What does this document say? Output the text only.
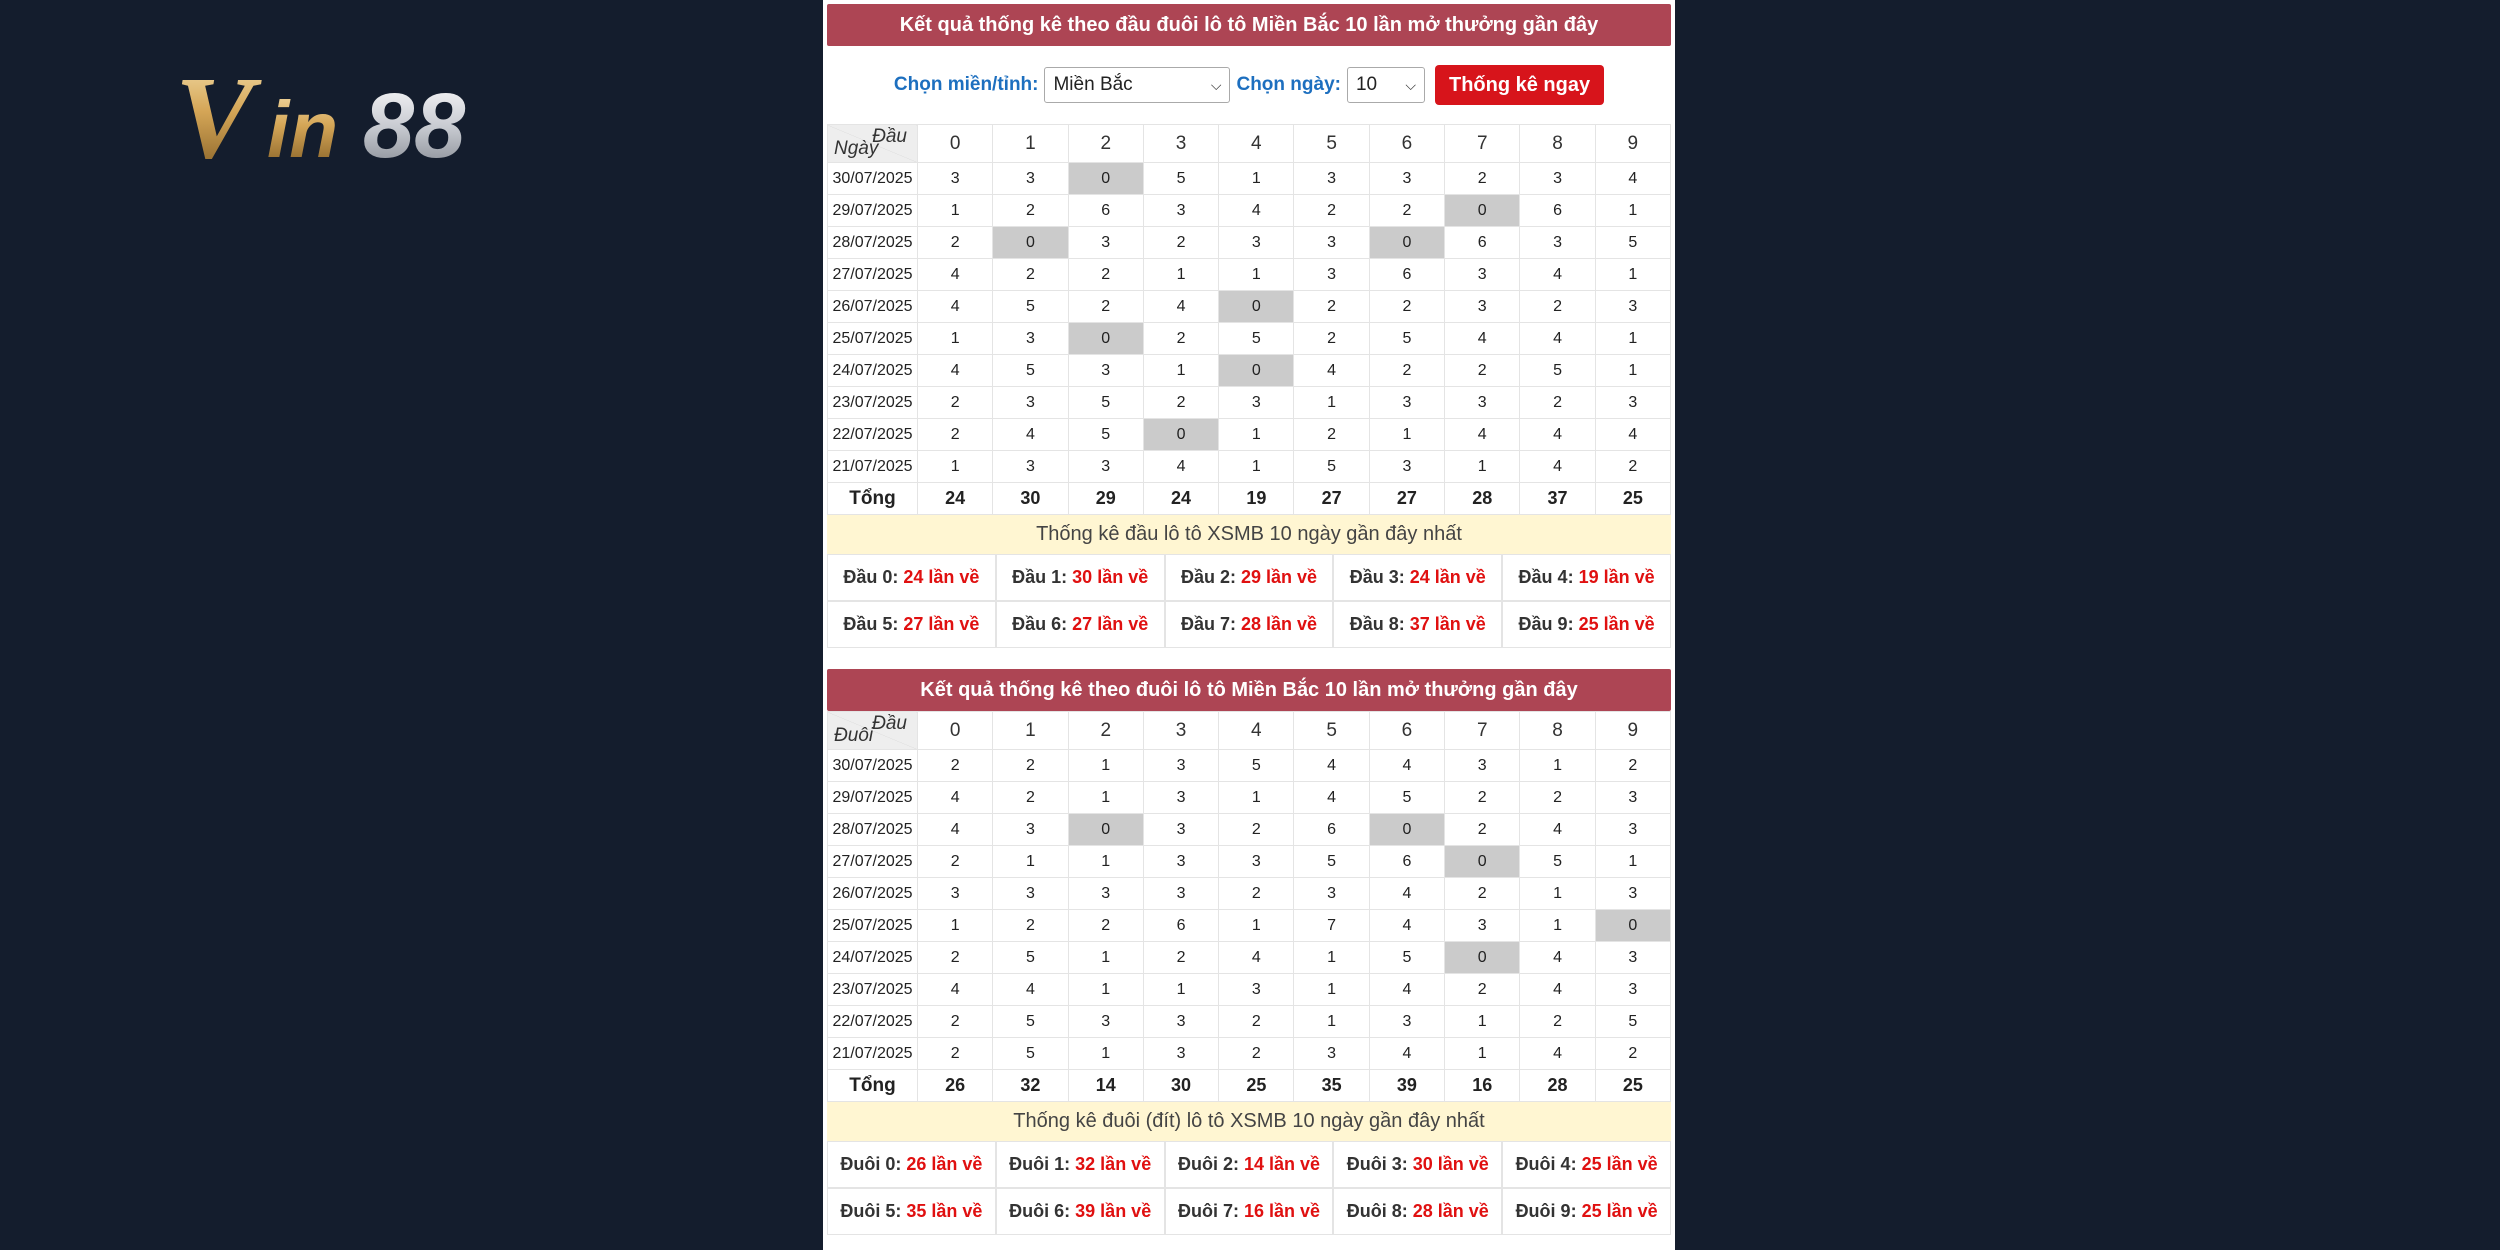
V in 88
Kết quả thống kê theo đầu đuôi lô tô Miền Bắc 10 lần mở thưởng gần đây
Chọn miền/tỉnh: Miền Bắc	⌵ Chọn ngày: 10 ⌵	Thống kê ngay
Đầu
Ngày	0	1	2	3	4	5	6	7	8	9
30/07/2025	3	3	0	5	1	3	3	2	3	4
29/07/2025	1	2	6	3	4	2	2	0	6	1
28/07/2025	2	0	3	2	3	3	0	6	3	5
27/07/2025	4	2	2	1	1	3	6	3	4	1
26/07/2025	4	5	2	4	0	2	2	3	2	3
25/07/2025	1	3	0	2	5	2	5	4	4	1
24/07/2025	4	5	3	1	0	4	2	2	5	1
23/07/2025	2	3	5	2	3	1	3	3	2	3
22/07/2025	2	4	5	0	1	2	1	4	4	4
21/07/2025	1	3	3	4	1	5	3	1	4	2
Tổng	24	30	29	24	19	27	27	28	37	25
Thống kê đầu lô tô XSMB 10 ngày gần đây nhất
Đầu 0: 24 lần về Đầu 1: 30 lần về Đầu 2: 29 lần về Đầu 3: 24 lần về Đầu 4: 19 lần về
Đầu 5: 27 lần về Đầu 6: 27 lần về Đầu 7: 28 lần về Đầu 8: 37 lần về Đầu 9: 25 lần về
Kết quả thống kê theo đuôi lô tô Miền Bắc 10 lần mở thưởng gần đây
Đầu
Đuôi	0	1	2	3	4	5	6	7	8	9
30/07/2025	2	2	1	3	5	4	4	3	1	2
29/07/2025	4	2	1	3	1	4	5	2	2	3
28/07/2025	4	3	0	3	2	6	0	2	4	3
27/07/2025	2	1	1	3	3	5	6	0	5	1
26/07/2025	3	3	3	3	2	3	4	2	1	3
25/07/2025	1	2	2	6	1	7	4	3	1	0
24/07/2025	2	5	1	2	4	1	5	0	4	3
23/07/2025	4	4	1	1	3	1	4	2	4	3
22/07/2025	2	5	3	3	2	1	3	1	2	5
21/07/2025	2	5	1	3	2	3	4	1	4	2
Tổng	26	32	14	30	25	35	39	16	28	25
Thống kê đuôi (đít) lô tô XSMB 10 ngày gần đây nhất
Đuôi 0: 26 lần về Đuôi 1: 32 lần về Đuôi 2: 14 lần về Đuôi 3: 30 lần về Đuôi 4: 25 lần về
Đuôi 5: 35 lần về Đuôi 6: 39 lần về Đuôi 7: 16 lần về Đuôi 8: 28 lần về Đuôi 9: 25 lần về
